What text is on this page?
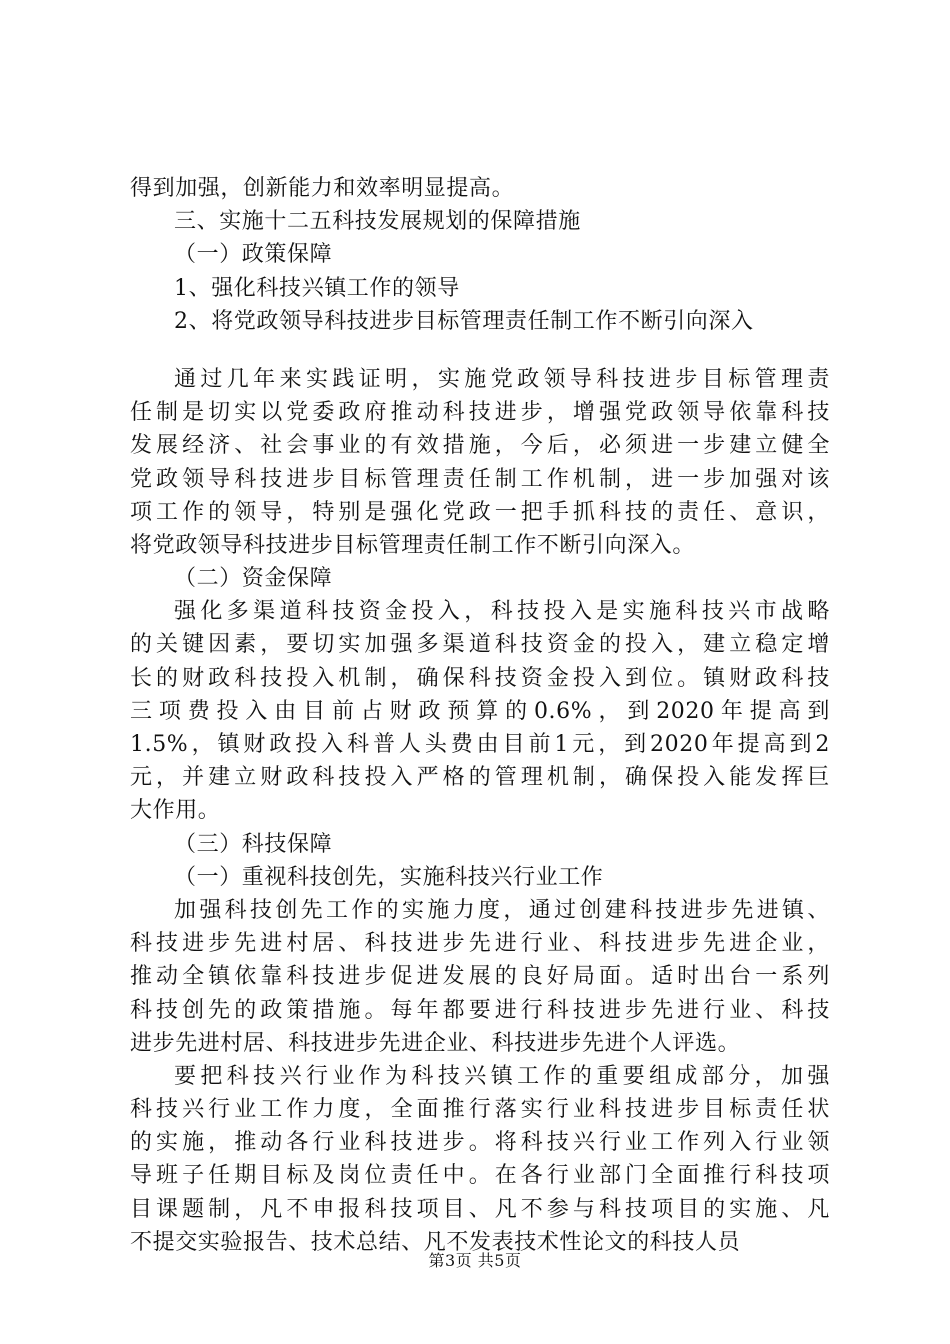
得到加强，创新能力和效率明显提高。
三、实施十二五科技发展规划的保障措施
（一）政策保障
1、强化科技兴镇工作的领导
2、将党政领导科技进步目标管理责任制工作不断引向深入
通过几年来实践证明，实施党政领导科技进步目标管理责
任制是切实以党委政府推动科技进步，增强党政领导依靠科技
发展经济、社会事业的有效措施，今后，必须进一步建立健全
党政领导科技进步目标管理责任制工作机制，进一步加强对该
项工作的领导，特别是强化党政一把手抓科技的责任、意识，
将党政领导科技进步目标管理责任制工作不断引向深入。
（二）资金保障
强化多渠道科技资金投入，科技投入是实施科技兴市战略
的关键因素，要切实加强多渠道科技资金的投入，建立稳定增
长的财政科技投入机制，确保科技资金投入到位。镇财政科技
三项费投入由目前占财政预算的0.6%，到2020年提高到
1.5%，镇财政投入科普人头费由目前1元，到2020年提高到2
元，并建立财政科技投入严格的管理机制，确保投入能发挥巨
大作用。
（三）科技保障
（一）重视科技创先，实施科技兴行业工作
加强科技创先工作的实施力度，通过创建科技进步先进镇、
科技进步先进村居、科技进步先进行业、科技进步先进企业，
推动全镇依靠科技进步促进发展的良好局面。适时出台一系列
科技创先的政策措施。每年都要进行科技进步先进行业、科技
进步先进村居、科技进步先进企业、科技进步先进个人评选。
要把科技兴行业作为科技兴镇工作的重要组成部分，加强
科技兴行业工作力度，全面推行落实行业科技进步目标责任状
的实施，推动各行业科技进步。将科技兴行业工作列入行业领
导班子任期目标及岗位责任中。在各行业部门全面推行科技项
目课题制，凡不申报科技项目、凡不参与科技项目的实施、凡
不提交实验报告、技术总结、凡不发表技术性论文的科技人员
第3页 共5页
